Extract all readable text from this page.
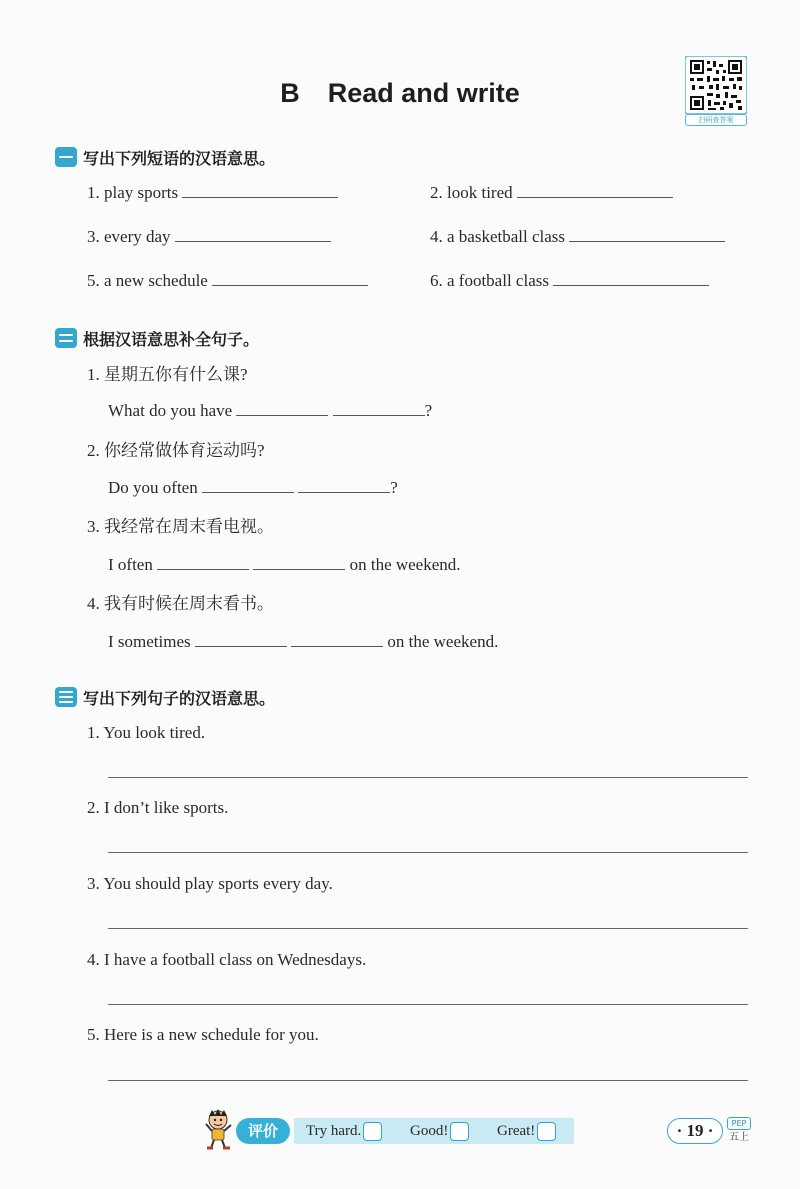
B Read and write
扫码查答案
写出下列短语的汉语意思。
1. play sports	2. look tired
3. every day	4. a basketball class
5. a new schedule	6. a football class
根据汉语意思补全句子。
1. 星期五你有什么课?
What do you have	?
2. 你经常做体育运动吗?
Do you often	?
3. 我经常在周末看电视。
I often	on the weekend.
4. 我有时候在周末看书。
I sometimes	on the weekend.
写出下列句子的汉语意思。
1. You look tired.
2. I don’t like sports.
3. You should play sports every day.
4. I have a football class on Wednesdays.
5. Here is a new schedule for you.
评价	Try hard.	Good!	Great!	· 19 ·	PEP
五上
